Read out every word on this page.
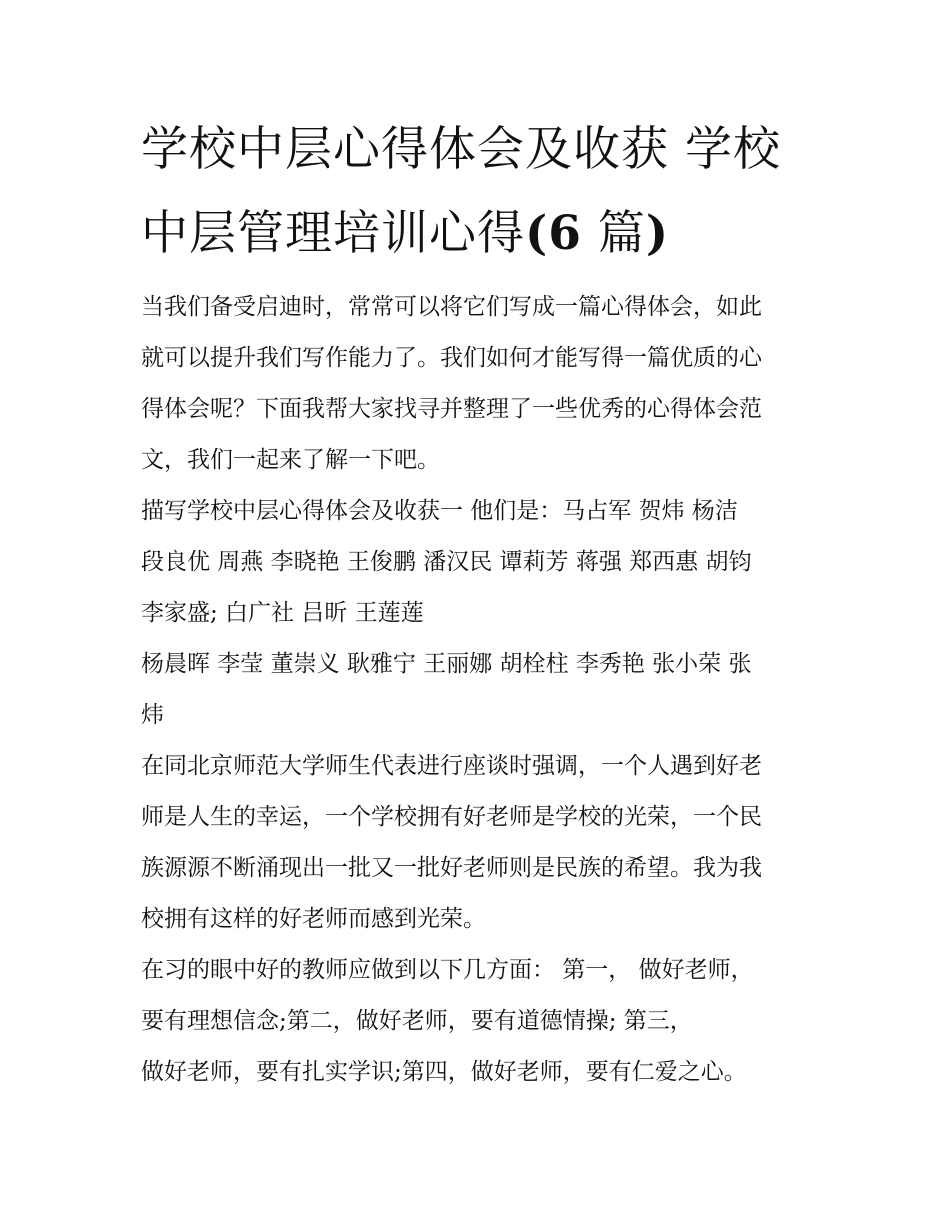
学校中层心得体会及收获 学校
中层管理培训心得(6 篇)
当我们备受启迪时，常常可以将它们写成一篇心得体会，如此
就可以提升我们写作能力了。我们如何才能写得一篇优质的心
得体会呢？下面我帮大家找寻并整理了一些优秀的心得体会范
文，我们一起来了解一下吧。
描写学校中层心得体会及收获一 他们是：马占军 贺炜 杨洁
段良优 周燕 李晓艳 王俊鹏 潘汉民 谭莉芳 蒋强 郑西惠 胡钧
李家盛; 白广社 吕昕 王莲莲
杨晨晖 李莹 董崇义 耿雅宁 王丽娜 胡栓柱 李秀艳 张小荣 张
炜
在同北京师范大学师生代表进行座谈时强调，一个人遇到好老
师是人生的幸运，一个学校拥有好老师是学校的光荣，一个民
族源源不断涌现出一批又一批好老师则是民族的希望。我为我
校拥有这样的好老师而感到光荣。
在习的眼中好的教师应做到以下几方面： 第一， 做好老师，
要有理想信念;第二，做好老师，要有道德情操; 第三，
做好老师，要有扎实学识;第四，做好老师，要有仁爱之心。
